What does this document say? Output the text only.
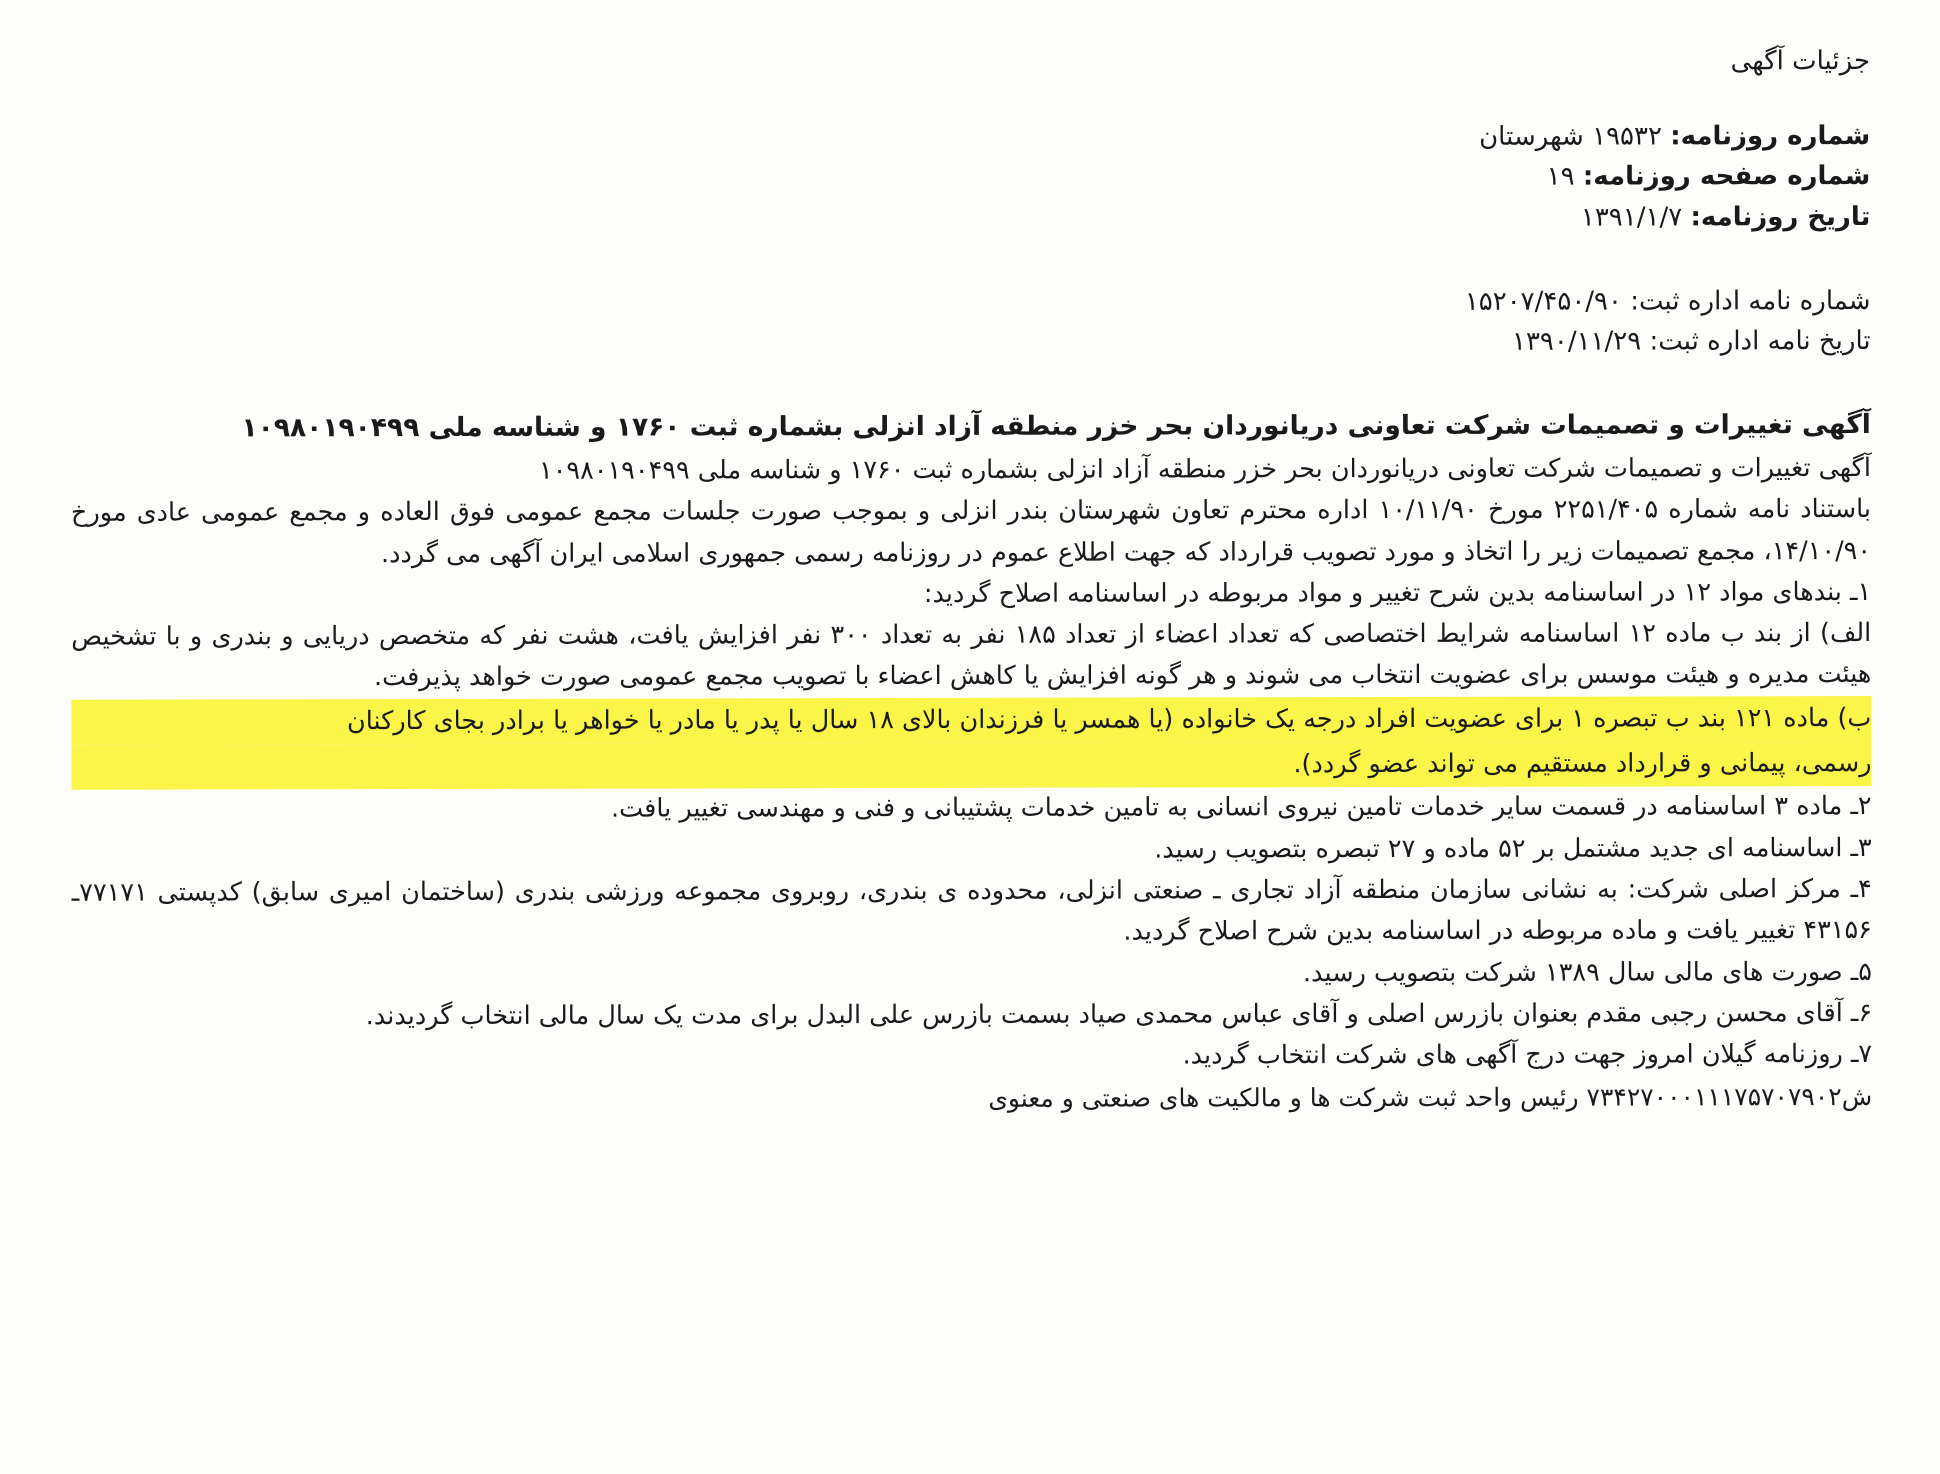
جزئیات آگهی
شماره روزنامه: ۱۹۵۳۲ شهرستان
شماره صفحه روزنامه: ۱۹
تاریخ روزنامه: ۱۳۹۱/۱/۷
شماره نامه اداره ثبت: ۱۵۲۰۷/۴۵۰/۹۰
تاریخ نامه اداره ثبت: ۱۳۹۰/۱۱/۲۹
آگهی تغییرات و تصمیمات شرکت تعاونی دریانوردان بحر خزر منطقه آزاد انزلی بشماره ثبت ۱۷۶۰ و شناسه ملی ۱۰۹۸۰۱۹۰۴۹۹
آگهی تغییرات و تصمیمات شرکت تعاونی دریانوردان بحر خزر منطقه آزاد انزلی بشماره ثبت ۱۷۶۰ و شناسه ملی ۱۰۹۸۰۱۹۰۴۹۹
باستناد نامه شماره ۲۲۵۱/۴۰۵ مورخ ۱۰/۱۱/۹۰ اداره محترم تعاون شهرستان بندر انزلی و بموجب صورت جلسات مجمع عمومی فوق العاده و مجمع عمومی عادی مورخ ۱۴/۱۰/۹۰، مجمع تصمیمات زیر را اتخاذ و مورد تصویب قرارداد که جهت اطلاع عموم در روزنامه رسمی جمهوری اسلامی ایران آگهی می گردد.
۱ـ بندهای مواد ۱۲ در اساسنامه بدین شرح تغییر و مواد مربوطه در اساسنامه اصلاح گردید:
الف) از بند ب ماده ۱۲ اساسنامه شرایط اختصاصی که تعداد اعضاء از تعداد ۱۸۵ نفر به تعداد ۳۰۰ نفر افزایش یافت، هشت نفر که متخصص دریایی و بندری و با تشخیص هیئت مدیره و هیئت موسس برای عضویت انتخاب می شوند و هر گونه افزایش یا کاهش اعضاء با تصویب مجمع عمومی صورت خواهد پذیرفت.
ب) ماده ۱۲۱ بند ب تبصره ۱ برای عضویت افراد درجه یک خانواده (یا همسر یا فرزندان بالای ۱۸ سال یا پدر یا مادر یا خواهر یا برادر بجای کارکنان
رسمی، پیمانی و قرارداد مستقیم می تواند عضو گردد).
۲ـ ماده ۳ اساسنامه در قسمت سایر خدمات تامین نیروی انسانی به تامین خدمات پشتیبانی و فنی و مهندسی تغییر یافت.
۳ـ اساسنامه ای جدید مشتمل بر ۵۲ ماده و ۲۷ تبصره بتصویب رسید.
۴ـ مرکز اصلی شرکت: به نشانی سازمان منطقه آزاد تجاری ـ صنعتی انزلی، محدوده ی بندری، روبروی مجموعه ورزشی بندری (ساختمان امیری سابق) کدپستی ۷۷۱۷۱ـ ۴۳۱۵۶ تغییر یافت و ماده مربوطه در اساسنامه بدین شرح اصلاح گردید.
۵ـ صورت های مالی سال ۱۳۸۹ شرکت بتصویب رسید.
۶ـ آقای محسن رجبی مقدم بعنوان بازرس اصلی و آقای عباس محمدی صیاد بسمت بازرس علی البدل برای مدت یک سال مالی انتخاب گردیدند.
۷ـ روزنامه گیلان امروز جهت درج آگهی های شرکت انتخاب گردید.
ش۷۳۴۲۷۰۰۰۱۱۱۷۵۷۰۷۹۰۲ رئیس واحد ثبت شرکت ها و مالکیت های صنعتی و معنوی
